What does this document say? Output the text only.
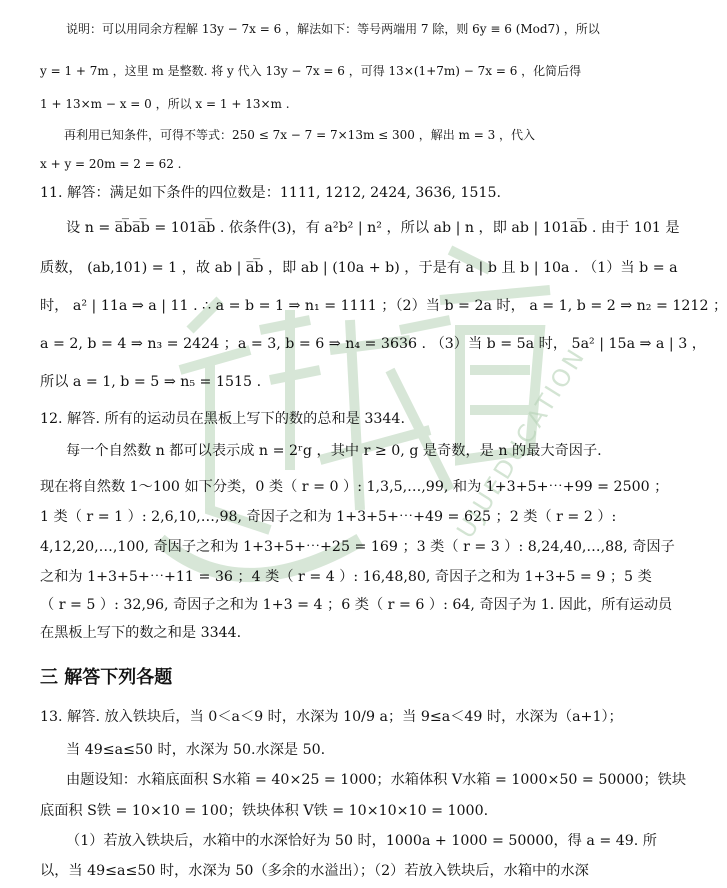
UJUEDUCATION
说明：可以用同余方程解 13y − 7x = 6 ，解法如下：等号两端用 7 除，则 6y ≡ 6 (Mod7) ，所以
y = 1 + 7m ，这里 m 是整数. 将 y 代入 13y − 7x = 6 ，可得 13×(1+7m) − 7x = 6 ，化简后得
1 + 13×m − x = 0 ，所以 x = 1 + 13×m .
再利用已知条件，可得不等式：250 ≤ 7x − 7 = 7×13m ≤ 300 ，解出 m = 3 ，代入
x + y = 20m = 2 = 62 .
11. 解答：满足如下条件的四位数是：1111, 1212, 2424, 3636, 1515.
设 n = a̅b̅a̅b̅ = 101a̅b̅ . 依条件(3)，有 a²b² | n² ，所以 ab | n ，即 ab | 101a̅b̅ . 由于 101 是
质数， (ab,101) = 1 ，故 ab | a̅b̅ ，即 ab | (10a + b) ，于是有 a | b 且 b | 10a . （1）当 b = a
时， a² | 11a ⇒ a | 11 . ∴ a = b = 1 ⇒ n₁ = 1111 ；（2）当 b = 2a 时， a = 1, b = 2 ⇒ n₂ = 1212 ；
a = 2, b = 4 ⇒ n₃ = 2424 ；a = 3, b = 6 ⇒ n₄ = 3636 . （3）当 b = 5a 时， 5a² | 15a ⇒ a | 3 ，
所以 a = 1, b = 5 ⇒ n₅ = 1515 .
12. 解答. 所有的运动员在黑板上写下的数的总和是 3344.
每一个自然数 n 都可以表示成 n = 2ʳg ，其中 r ≥ 0, g 是奇数，是 n 的最大奇因子.
现在将自然数 1～100 如下分类，0 类（ r = 0 ）: 1,3,5,…,99, 和为 1+3+5+⋯+99 = 2500 ；
1 类（ r = 1 ）: 2,6,10,…,98, 奇因子之和为 1+3+5+⋯+49 = 625 ；2 类（ r = 2 ）:
4,12,20,…,100, 奇因子之和为 1+3+5+⋯+25 = 169 ；3 类（ r = 3 ）: 8,24,40,…,88, 奇因子
之和为 1+3+5+⋯+11 = 36 ；4 类（ r = 4 ）: 16,48,80, 奇因子之和为 1+3+5 = 9 ；5 类
（ r = 5 ）: 32,96, 奇因子之和为 1+3 = 4 ；6 类（ r = 6 ）: 64, 奇因子为 1. 因此，所有运动员
在黑板上写下的数之和是 3344.
三 解答下列各题
13. 解答. 放入铁块后，当 0＜a＜9 时，水深为 10/9 a；当 9≤a＜49 时，水深为（a+1）；
当 49≤a≤50 时，水深为 50.水深是 50.
由题设知：水箱底面积 S水箱 = 40×25 = 1000；水箱体积 V水箱 = 1000×50 = 50000；铁块
底面积 S铁 = 10×10 = 100；铁块体积 V铁 = 10×10×10 = 1000.
（1）若放入铁块后，水箱中的水深恰好为 50 时，1000a + 1000 = 50000，得 a = 49. 所
以，当 49≤a≤50 时，水深为 50（多余的水溢出）；（2）若放入铁块后，水箱中的水深
